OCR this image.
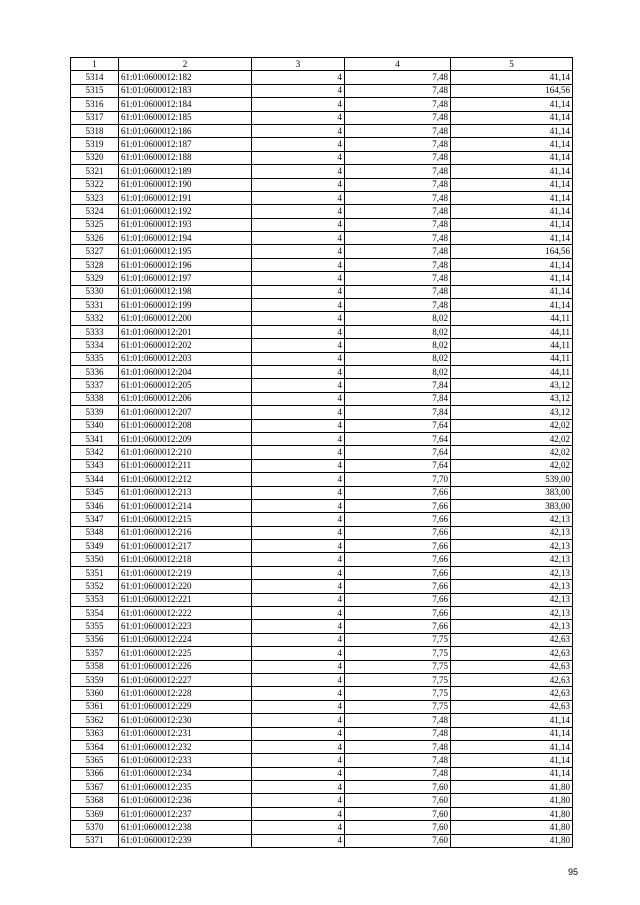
1	2	3	4	5
5314	61:01:0600012:182	4	7,48	41,14
5315	61:01:0600012:183	4	7,48	164,56
5316	61:01:0600012:184	4	7,48	41,14
5317	61:01:0600012:185	4	7,48	41,14
5318	61:01:0600012:186	4	7,48	41,14
5319	61:01:0600012:187	4	7,48	41,14
5320	61:01:0600012:188	4	7,48	41,14
5321	61:01:0600012:189	4	7,48	41,14
5322	61:01:0600012:190	4	7,48	41,14
5323	61:01:0600012:191	4	7,48	41,14
5324	61:01:0600012:192	4	7,48	41,14
5325	61:01:0600012:193	4	7,48	41,14
5326	61:01:0600012:194	4	7,48	41,14
5327	61:01:0600012:195	4	7,48	164,56
5328	61:01:0600012:196	4	7,48	41,14
5329	61:01:0600012:197	4	7,48	41,14
5330	61:01:0600012:198	4	7,48	41,14
5331	61:01:0600012:199	4	7,48	41,14
5332	61:01:0600012:200	4	8,02	44,11
5333	61:01:0600012:201	4	8,02	44,11
5334	61:01:0600012:202	4	8,02	44,11
5335	61:01:0600012:203	4	8,02	44,11
5336	61:01:0600012:204	4	8,02	44,11
5337	61:01:0600012:205	4	7,84	43,12
5338	61:01:0600012:206	4	7,84	43,12
5339	61:01:0600012:207	4	7,84	43,12
5340	61:01:0600012:208	4	7,64	42,02
5341	61:01:0600012:209	4	7,64	42,02
5342	61:01:0600012:210	4	7,64	42,02
5343	61:01:0600012:211	4	7,64	42,02
5344	61:01:0600012:212	4	7,70	539,00
5345	61:01:0600012:213	4	7,66	383,00
5346	61:01:0600012:214	4	7,66	383,00
5347	61:01:0600012:215	4	7,66	42,13
5348	61:01:0600012:216	4	7,66	42,13
5349	61:01:0600012:217	4	7,66	42,13
5350	61:01:0600012:218	4	7,66	42,13
5351	61:01:0600012:219	4	7,66	42,13
5352	61:01:0600012:220	4	7,66	42,13
5353	61:01:0600012:221	4	7,66	42,13
5354	61:01:0600012:222	4	7,66	42,13
5355	61:01:0600012:223	4	7,66	42,13
5356	61:01:0600012:224	4	7,75	42,63
5357	61:01:0600012:225	4	7,75	42,63
5358	61:01:0600012:226	4	7,75	42,63
5359	61:01:0600012:227	4	7,75	42,63
5360	61:01:0600012:228	4	7,75	42,63
5361	61:01:0600012:229	4	7,75	42,63
5362	61:01:0600012:230	4	7,48	41,14
5363	61:01:0600012:231	4	7,48	41,14
5364	61:01:0600012:232	4	7,48	41,14
5365	61:01:0600012:233	4	7,48	41,14
5366	61:01:0600012:234	4	7,48	41,14
5367	61:01:0600012:235	4	7,60	41,80
5368	61:01:0600012:236	4	7,60	41,80
5369	61:01:0600012:237	4	7,60	41,80
5370	61:01:0600012:238	4	7,60	41,80
5371	61:01:0600012:239	4	7,60	41,80
95
